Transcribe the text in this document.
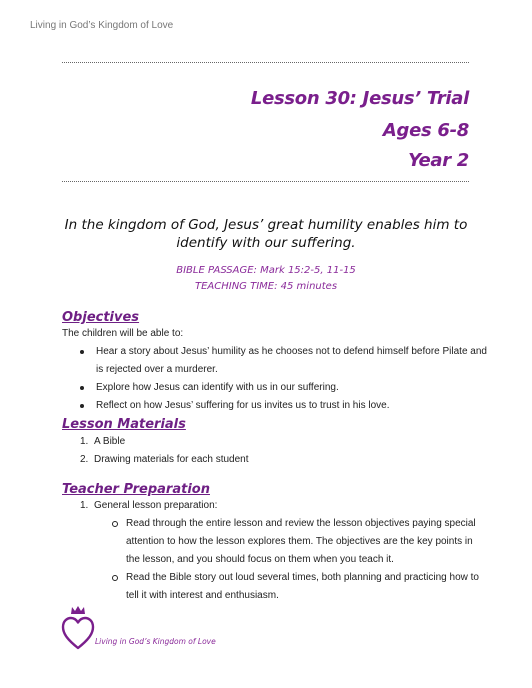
Living in God’s Kingdom of Love
Lesson 30: Jesus’ Trial
Ages 6-8
Year 2
In the kingdom of God, Jesus’ great humility enables him to identify with our suffering.
BIBLE PASSAGE: Mark 15:2-5, 11-15
TEACHING TIME: 45 minutes
Objectives
The children will be able to:
Hear a story about Jesus’ humility as he chooses not to defend himself before Pilate and
is rejected over a murderer.
Explore how Jesus can identify with us in our suffering.
Reflect on how Jesus’ suffering for us invites us to trust in his love.
Lesson Materials
1. A Bible
2. Drawing materials for each student
Teacher Preparation
1. General lesson preparation:
Read through the entire lesson and review the lesson objectives paying special
attention to how the lesson explores them. The objectives are the key points in
the lesson, and you should focus on them when you teach it.
Read the Bible story out loud several times, both planning and practicing how to
tell it with interest and enthusiasm.
Living in God’s Kingdom of Love
